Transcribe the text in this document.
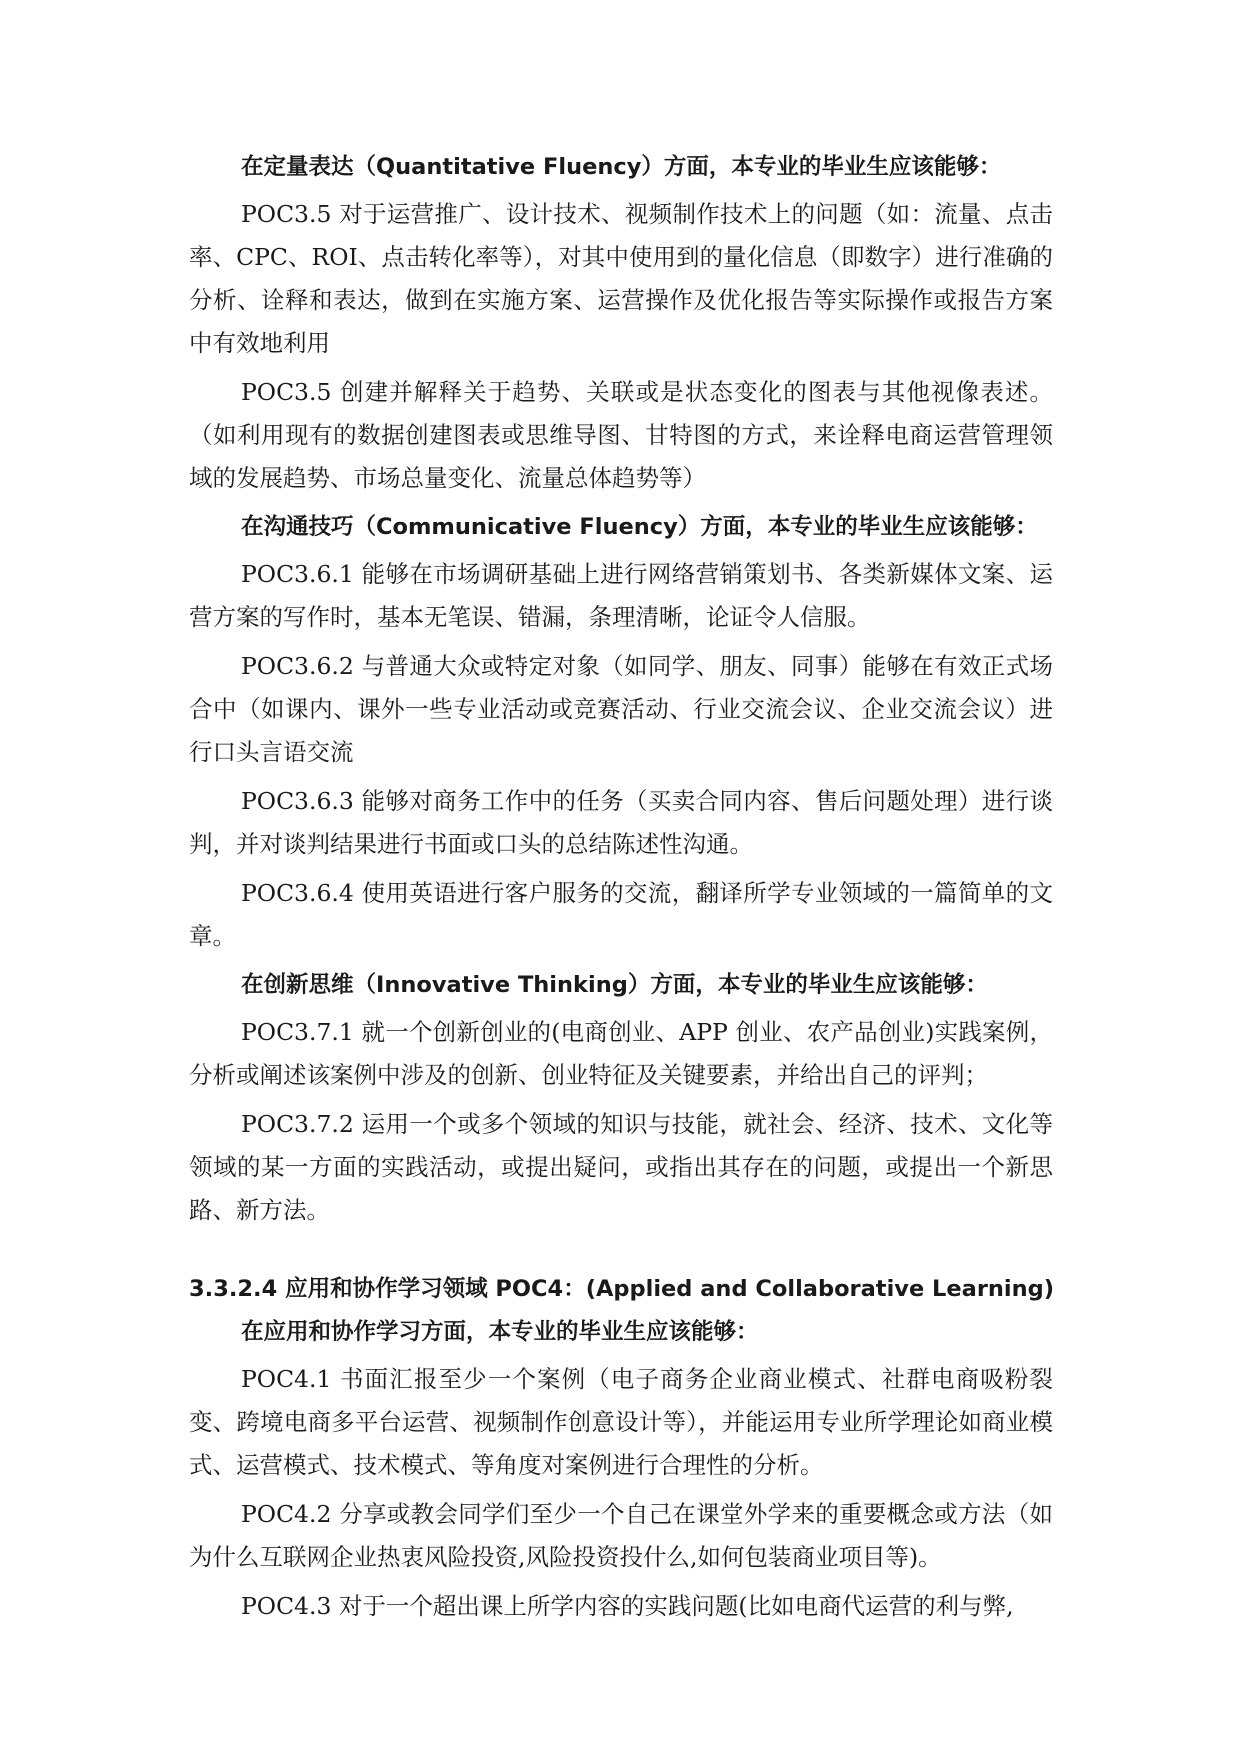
在定量表达（Quantitative Fluency）方面，本专业的毕业生应该能够：

POC3.5 对于运营推广、设计技术、视频制作技术上的问题（如：流量、点击率、CPC、ROI、点击转化率等），对其中使用到的量化信息（即数字）进行准确的分析、诠释和表达，做到在实施方案、运营操作及优化报告等实际操作或报告方案中有效地利用

POC3.5 创建并解释关于趋势、关联或是状态变化的图表与其他视像表述。（如利用现有的数据创建图表或思维导图、甘特图的方式，来诠释电商运营管理领域的发展趋势、市场总量变化、流量总体趋势等）

在沟通技巧（Communicative Fluency）方面，本专业的毕业生应该能够：

POC3.6.1 能够在市场调研基础上进行网络营销策划书、各类新媒体文案、运营方案的写作时，基本无笔误、错漏，条理清晰，论证令人信服。

POC3.6.2 与普通大众或特定对象（如同学、朋友、同事）能够在有效正式场合中（如课内、课外一些专业活动或竞赛活动、行业交流会议、企业交流会议）进行口头言语交流

POC3.6.3 能够对商务工作中的任务（买卖合同内容、售后问题处理）进行谈判，并对谈判结果进行书面或口头的总结陈述性沟通。

POC3.6.4 使用英语进行客户服务的交流，翻译所学专业领域的一篇简单的文章。

在创新思维（Innovative Thinking）方面，本专业的毕业生应该能够：

POC3.7.1 就一个创新创业的(电商创业、APP 创业、农产品创业)实践案例，分析或阐述该案例中涉及的创新、创业特征及关键要素，并给出自己的评判；

POC3.7.2 运用一个或多个领域的知识与技能，就社会、经济、技术、文化等领域的某一方面的实践活动，或提出疑问，或指出其存在的问题，或提出一个新思路、新方法。

3.3.2.4 应用和协作学习领域 POC4：(Applied and Collaborative Learning)
在应用和协作学习方面，本专业的毕业生应该能够：

POC4.1 书面汇报至少一个案例（电子商务企业商业模式、社群电商吸粉裂变、跨境电商多平台运营、视频制作创意设计等），并能运用专业所学理论如商业模式、运营模式、技术模式、等角度对案例进行合理性的分析。

POC4.2 分享或教会同学们至少一个自己在课堂外学来的重要概念或方法（如为什么互联网企业热衷风险投资,风险投资投什么,如何包装商业项目等)。

POC4.3 对于一个超出课上所学内容的实践问题(比如电商代运营的利与弊,
